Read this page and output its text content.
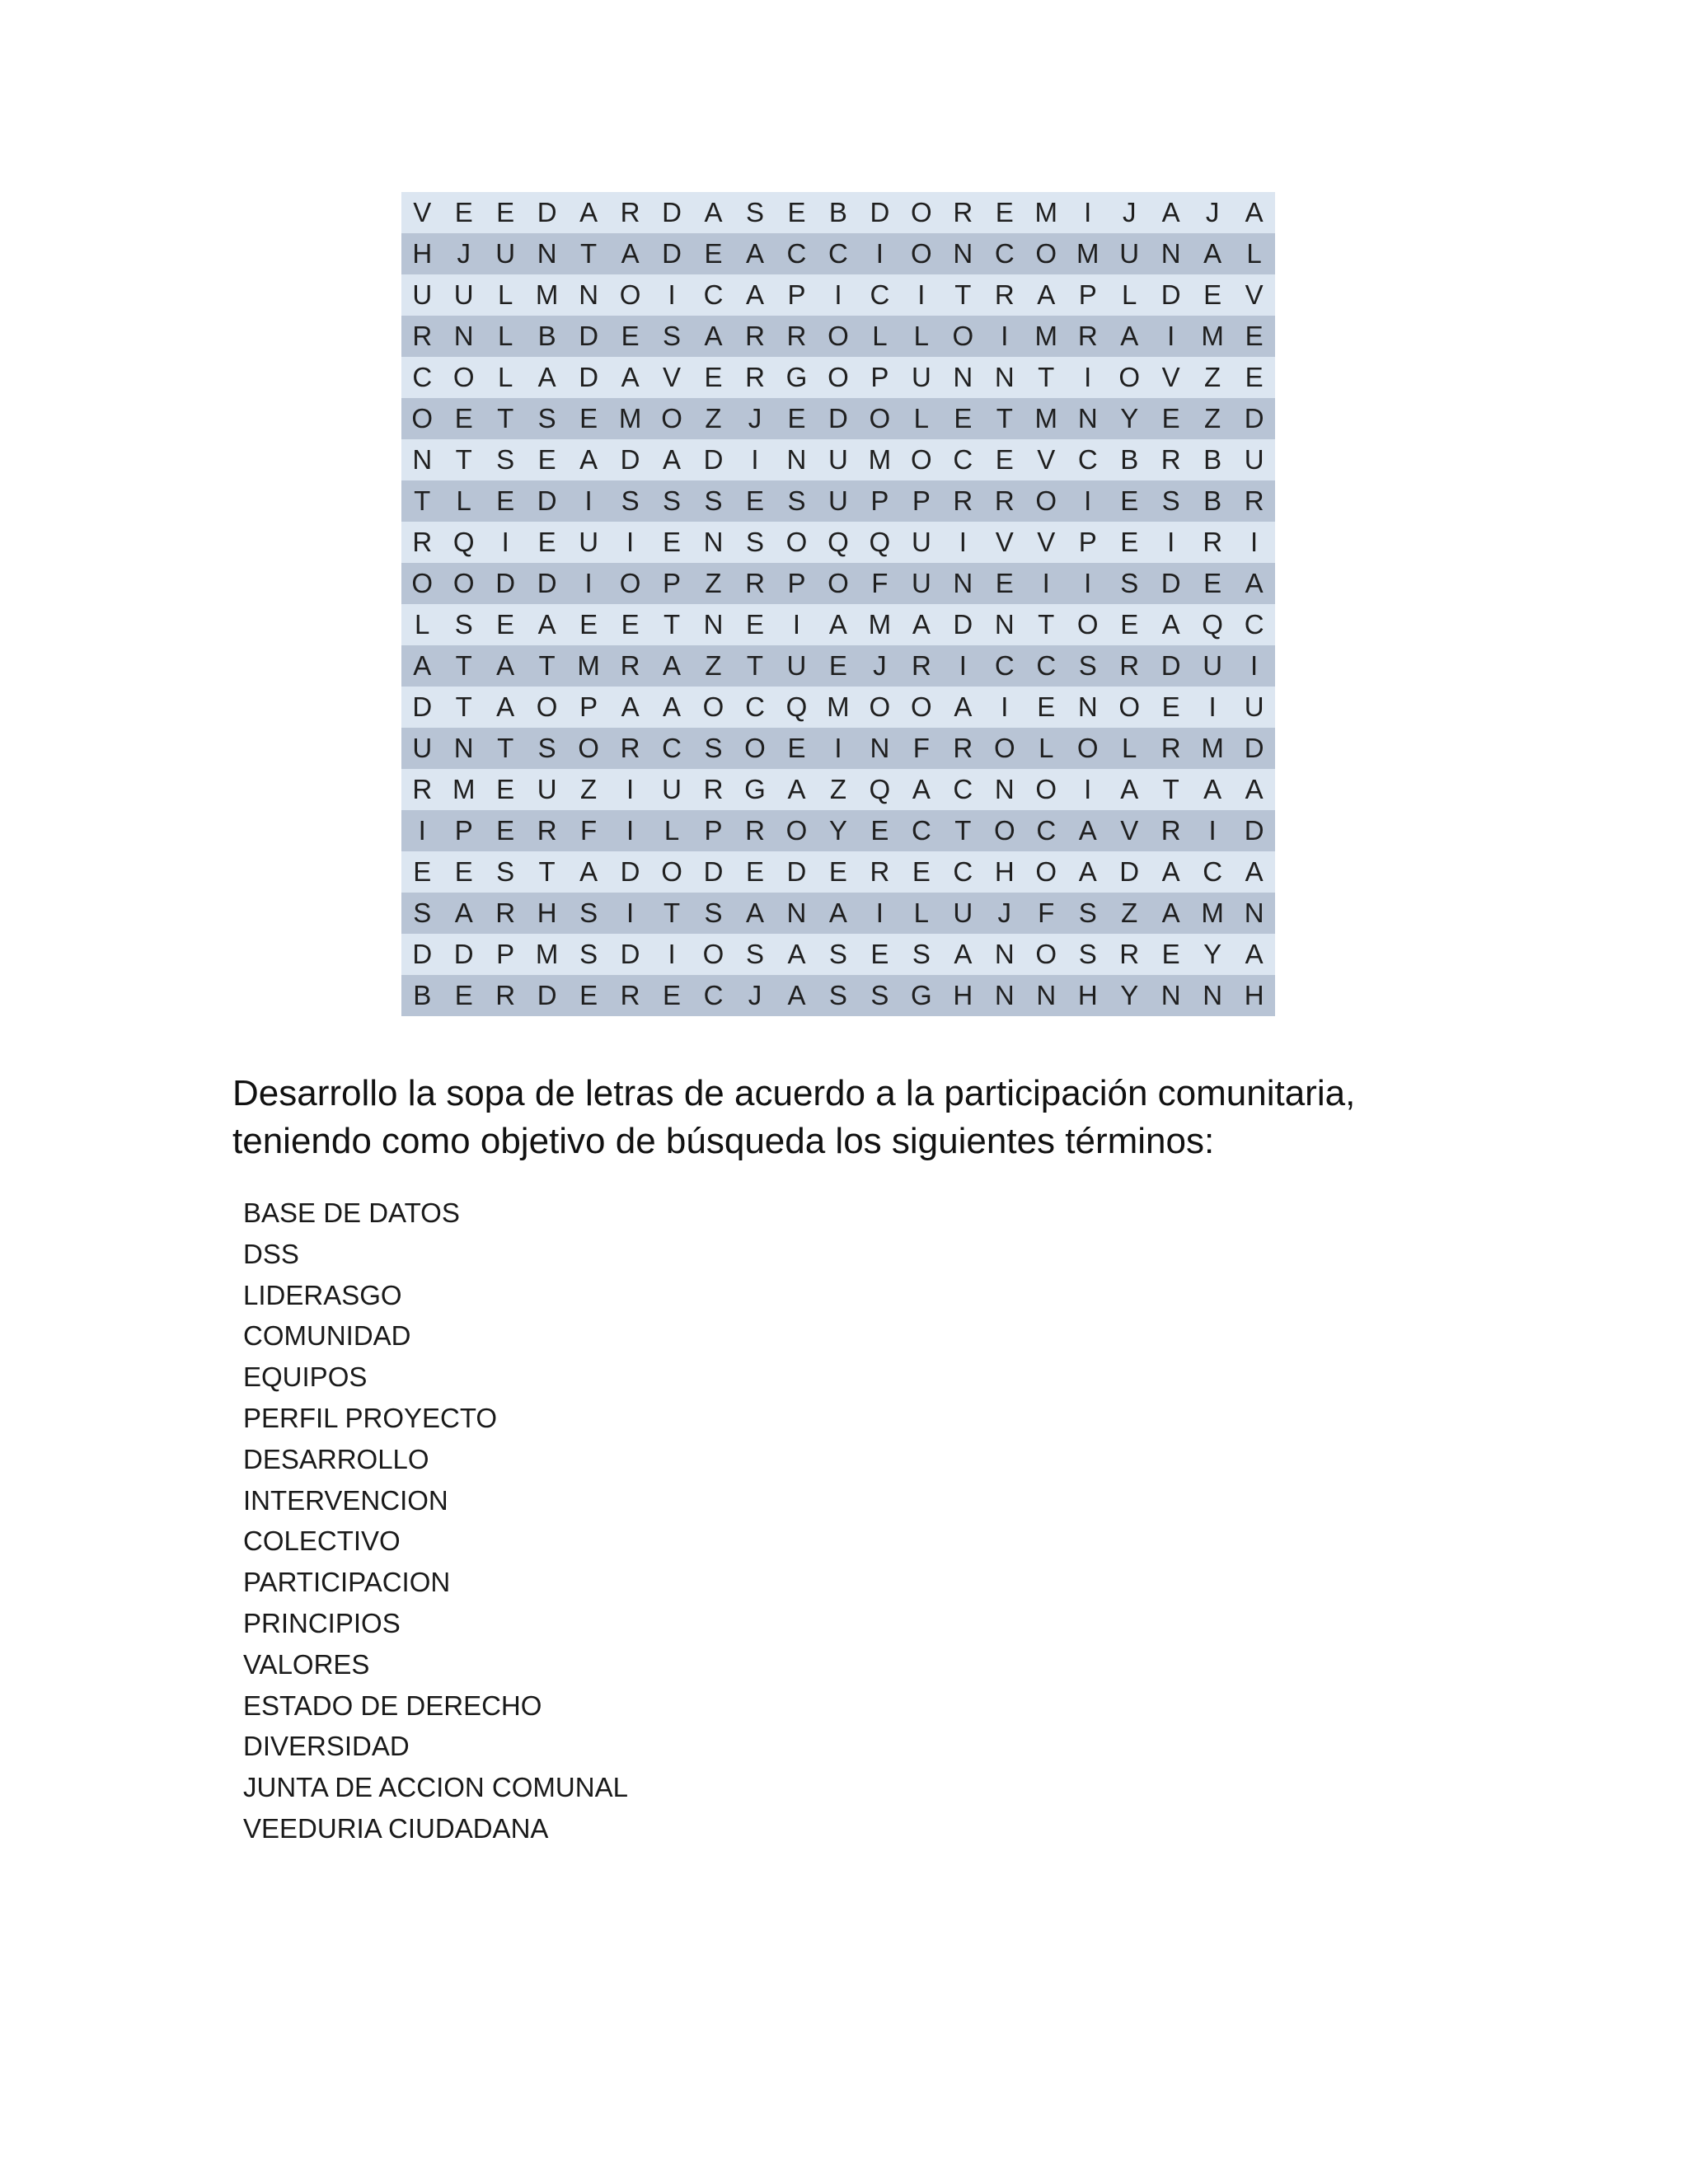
V E E D A R D A S E B D O R E M I	J A J A
H J U N T A D E A C C	I	O N C O M U N A L
U U L M N O	I	C A P	I	C	I	T R A P L D E V
R N L B D E S A R R O L L O	I M R A	I M E
C O L A D A V E R G O P U N N T	I	O V Z E
O E T S E M O Z J E D O L E T M N Y E Z D
N T S E A D A D	I	N U M O C E V C B R B U
T L E D	I	S S S E S U P P R R O	I	E S B R
R Q	I	E U	I	E N S O Q Q U	I	V V P E	I	R	I
O O D D	I	O P Z R P O F U N E	I	I	S D E A
L S E A E E T N E	I	A M A D N T O E A Q C
A T A T M R A Z T U E J R	I	C C S R D U	I
D T A O P A A O C Q M O O A	I	E N O E	I	U
U N T S O R C S O E	I	N F R O L O L R M D
R M E U Z	I	U R G A Z Q A C N O	I	A T A A
I	P E R F	I	L P R O Y E C T O C A V R	I	D
E E S T A D O D E D E R E C H O A D A C A
S A R H S	I	T S A N A	I	L U J F S Z A M N
D D P M S D	I	O S A S E S A N O S R E Y A
B E R D E R E C J A S S G H N N H Y N N H

Desarrollo la sopa de letras de acuerdo a la participación comunitaria,
teniendo como objetivo de búsqueda los siguientes términos:

BASE DE DATOS
DSS
LIDERASGO
COMUNIDAD
EQUIPOS
PERFIL PROYECTO
DESARROLLO
INTERVENCION
COLECTIVO
PARTICIPACION
PRINCIPIOS
VALORES
ESTADO DE DERECHO
DIVERSIDAD
JUNTA DE ACCION COMUNAL
VEEDURIA CIUDADANA
